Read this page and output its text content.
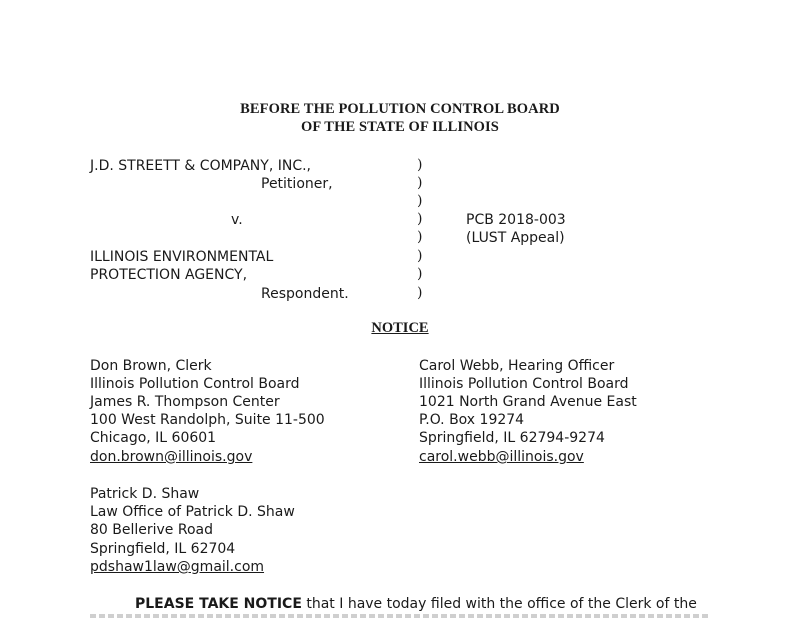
BEFORE THE POLLUTION CONTROL BOARD
OF THE STATE OF ILLINOIS
J.D. STREETT & COMPANY, INC.,
Petitioner,
v.
ILLINOIS ENVIRONMENTAL
PROTECTION AGENCY,
Respondent.
)
)
)
)
)
)
)
)
PCB 2018-003
(LUST Appeal)
NOTICE
Don Brown, Clerk
Illinois Pollution Control Board
James R. Thompson Center
100 West Randolph, Suite 11-500
Chicago, IL 60601
don.brown@illinois.gov
Carol Webb, Hearing Officer
Illinois Pollution Control Board
1021 North Grand Avenue East
P.O. Box 19274
Springfield, IL 62794-9274
carol.webb@illinois.gov
Patrick D. Shaw
Law Office of Patrick D. Shaw
80 Bellerive Road
Springfield, IL 62704
pdshaw1law@gmail.com
PLEASE TAKE NOTICE that I have today filed with the office of the Clerk of the
